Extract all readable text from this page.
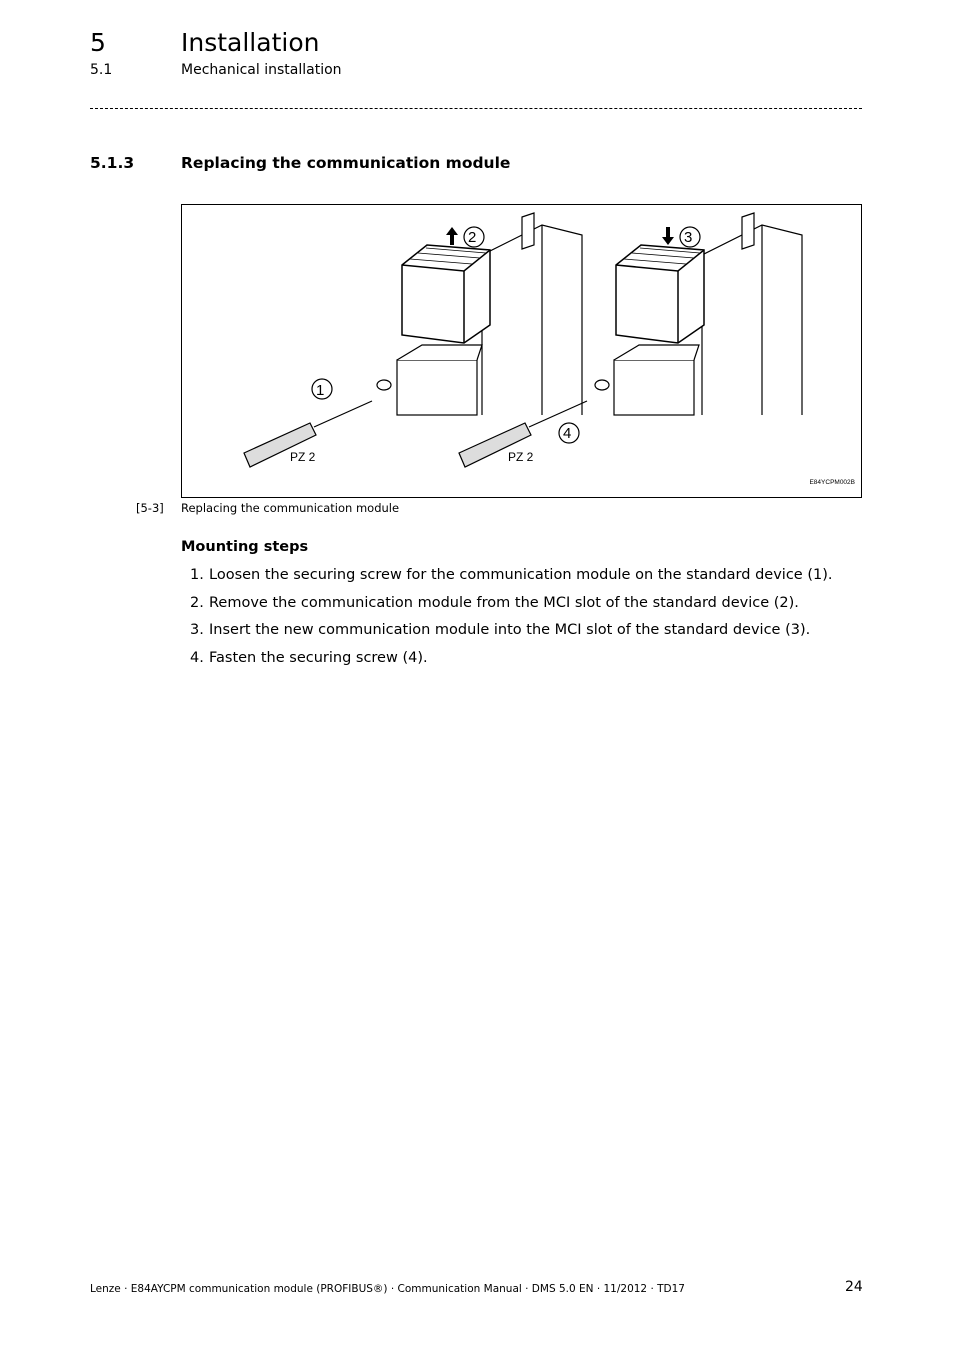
5	Installation
5.1	Mechanical installation
5.1.3	Replacing the communication module
1
2	3
4
PZ 2	PZ 2
E84YCPM002B
[5-3] Replacing the communication module
Mounting steps
1. Loosen the securing screw for the communication module on the standard device (1).
2. Remove the communication module from the MCI slot of the standard device (2).
3. Insert the new communication module into the MCI slot of the standard device (3).
4. Fasten the securing screw (4).
Lenze · E84AYCPM communication module (PROFIBUS®) · Communication Manual · DMS 5.0 EN · 11/2012 · TD17	24
